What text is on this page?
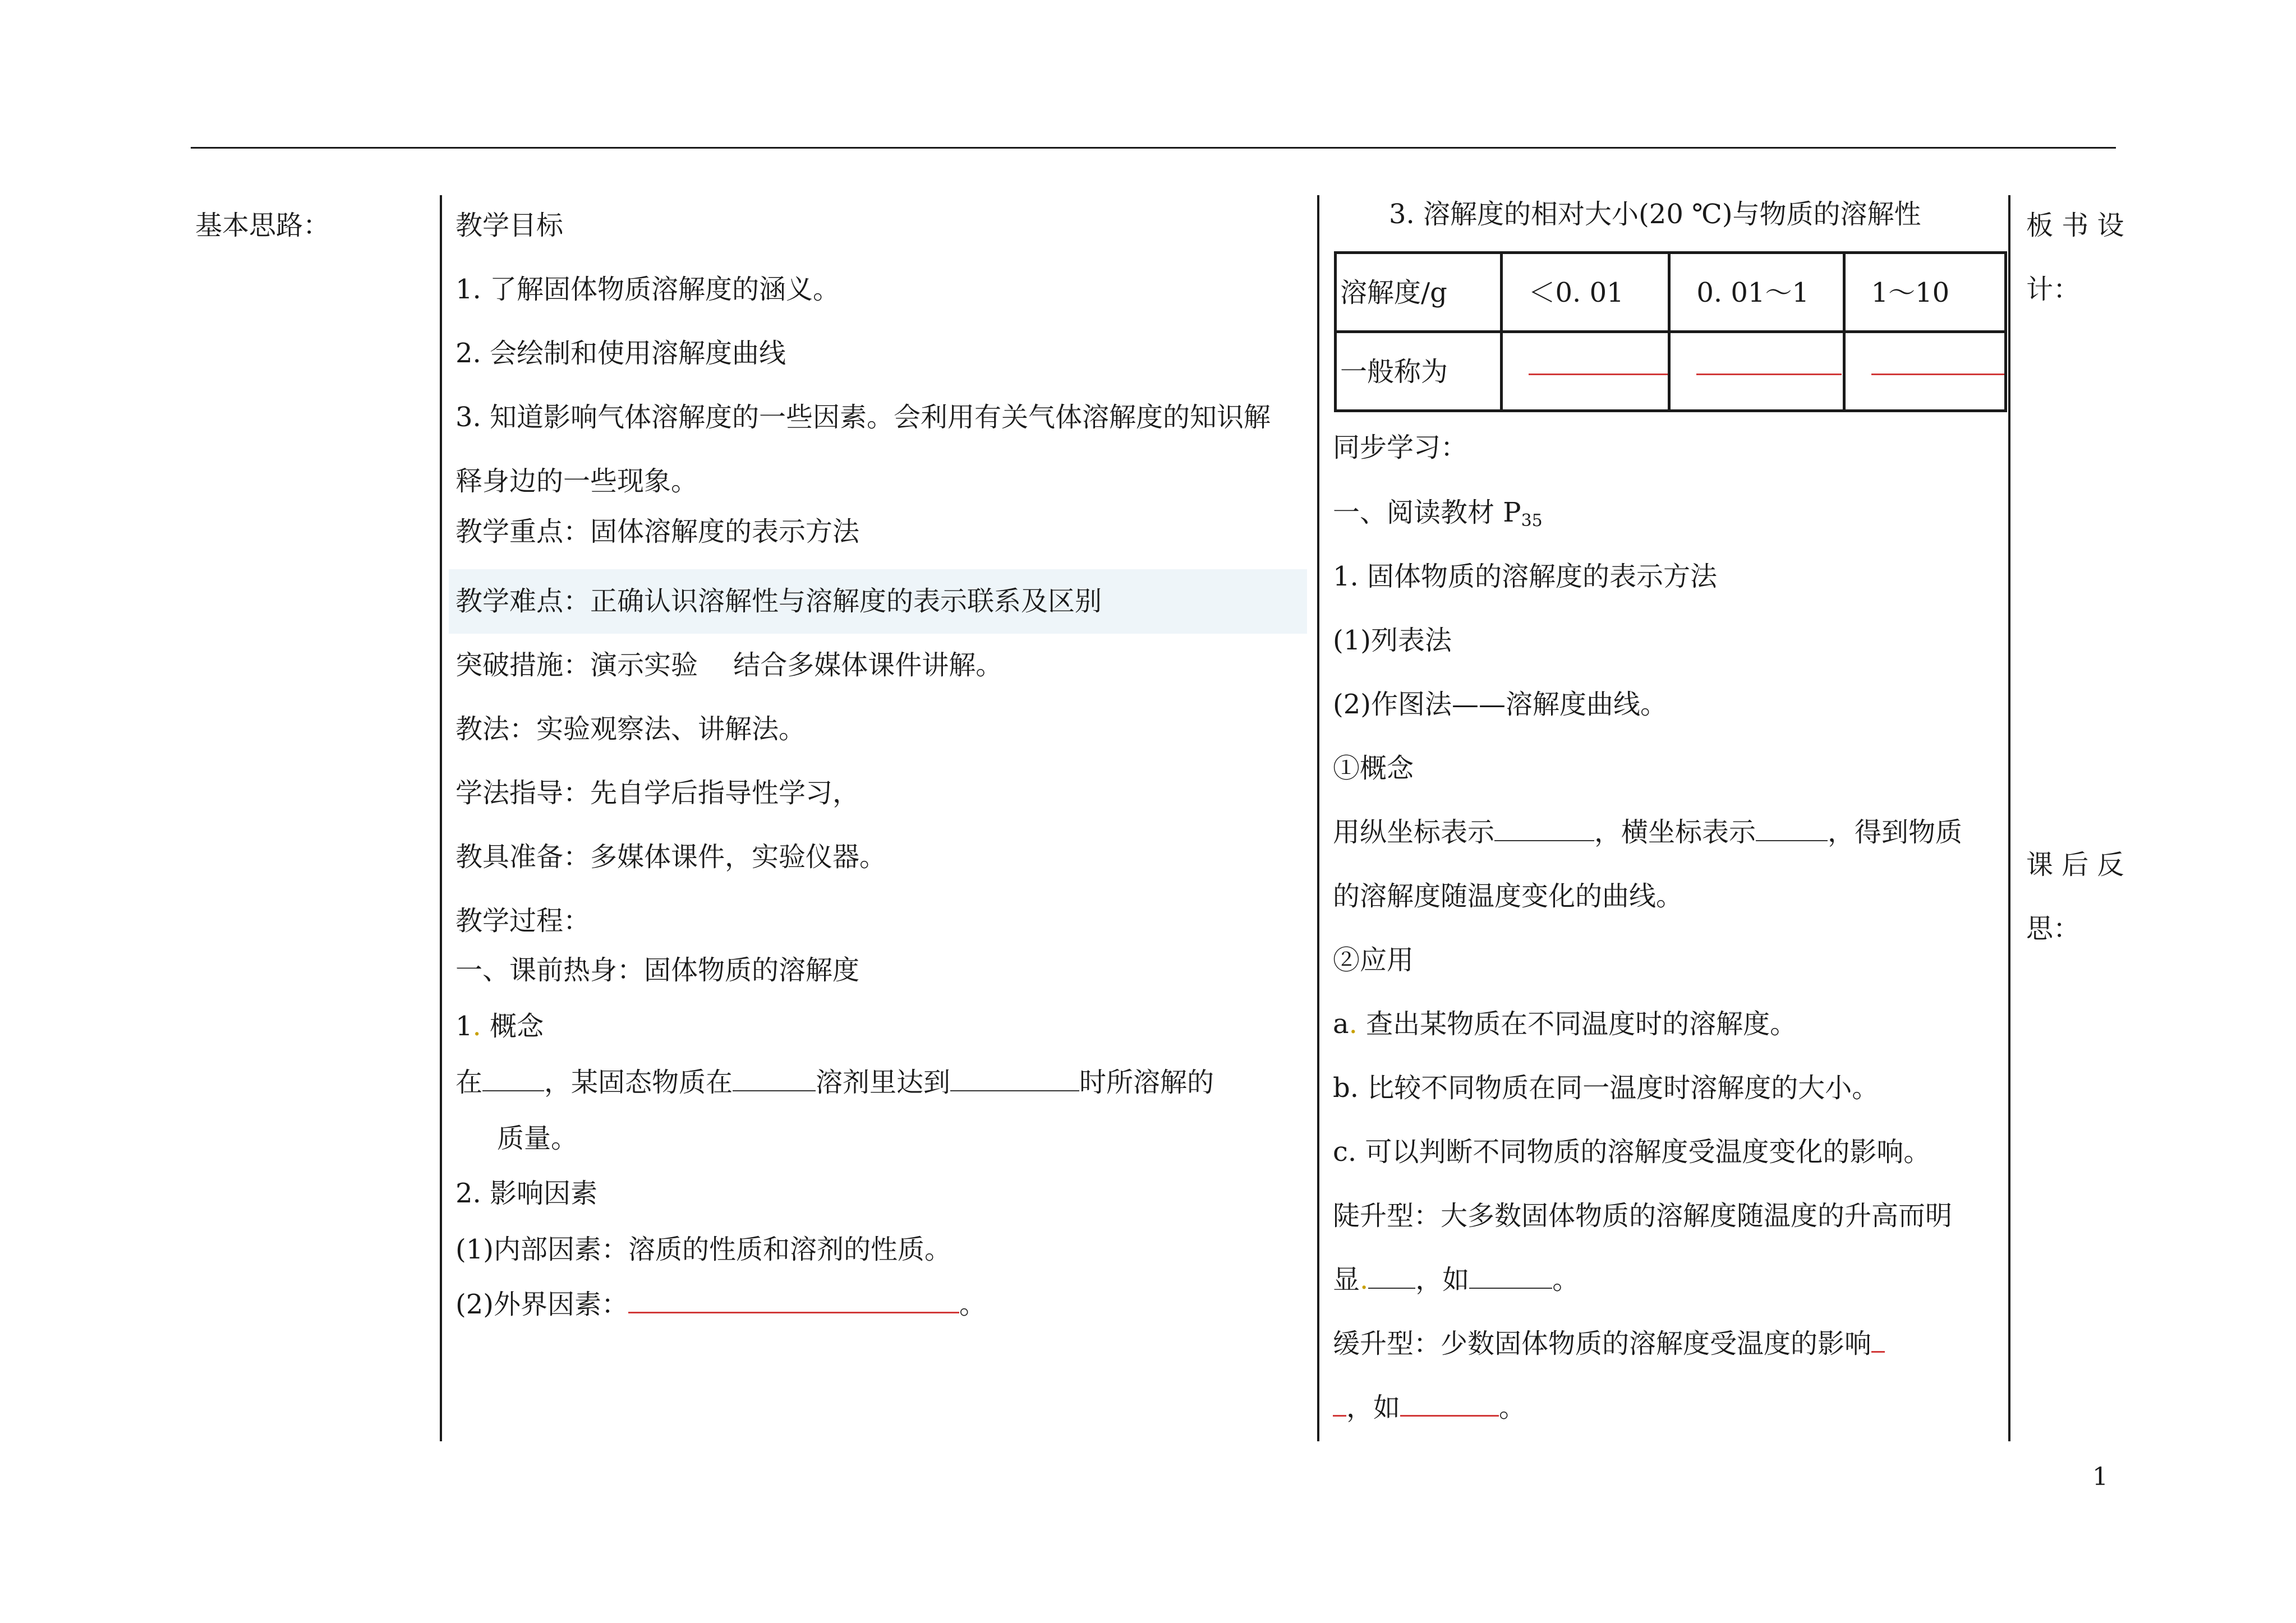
基本思路：	教学目标
1. 了解固体物质溶解度的涵义。
2. 会绘制和使用溶解度曲线
3. 知道影响气体溶解度的一些因素。会利用有关气体溶解度的知识解
释身边的一些现象。
教学重点：固体溶解度的表示方法
教学难点：正确认识溶解性与溶解度的表示联系及区别
突破措施：演示实验　 结合多媒体课件讲解。
教法：实验观察法、讲解法。
学法指导：先自学后指导性学习，
教具准备：多媒体课件，实验仪器。
教学过程：
一、课前热身：固体物质的溶解度
1. 概念
在 ，某固态物质在	溶剂里达到	时所溶解的
质量。
2. 影响因素
(1)内部因素：溶质的性质和溶剂的性质。
(2)外界因素：	。
3. 溶解度的相对大小(20 ℃)与物质的溶解性
溶解度/g	＜0. 01	0. 01～1	1～10

一般称为			

同步学习：
一、阅读教材 $P_{35}$
1. 固体物质的溶解度的表示方法
(1)列表法
(2)作图法——溶解度曲线。
①概念
用纵坐标表示	，横坐标表示	，得到物质
的溶解度随温度变化的曲线。
②应用
a. 查出某物质在不同温度时的溶解度。
b. 比较不同物质在同一温度时溶解度的大小。
c. 可以判断不同物质的溶解度受温度变化的影响。
陡升型：大多数固体物质的溶解度随温度的升高而明
显. ，如	。
缓升型：少数固体物质的溶解度受温度的影响
，如	。
板 书 设
计：
课 后 反
思：
1
